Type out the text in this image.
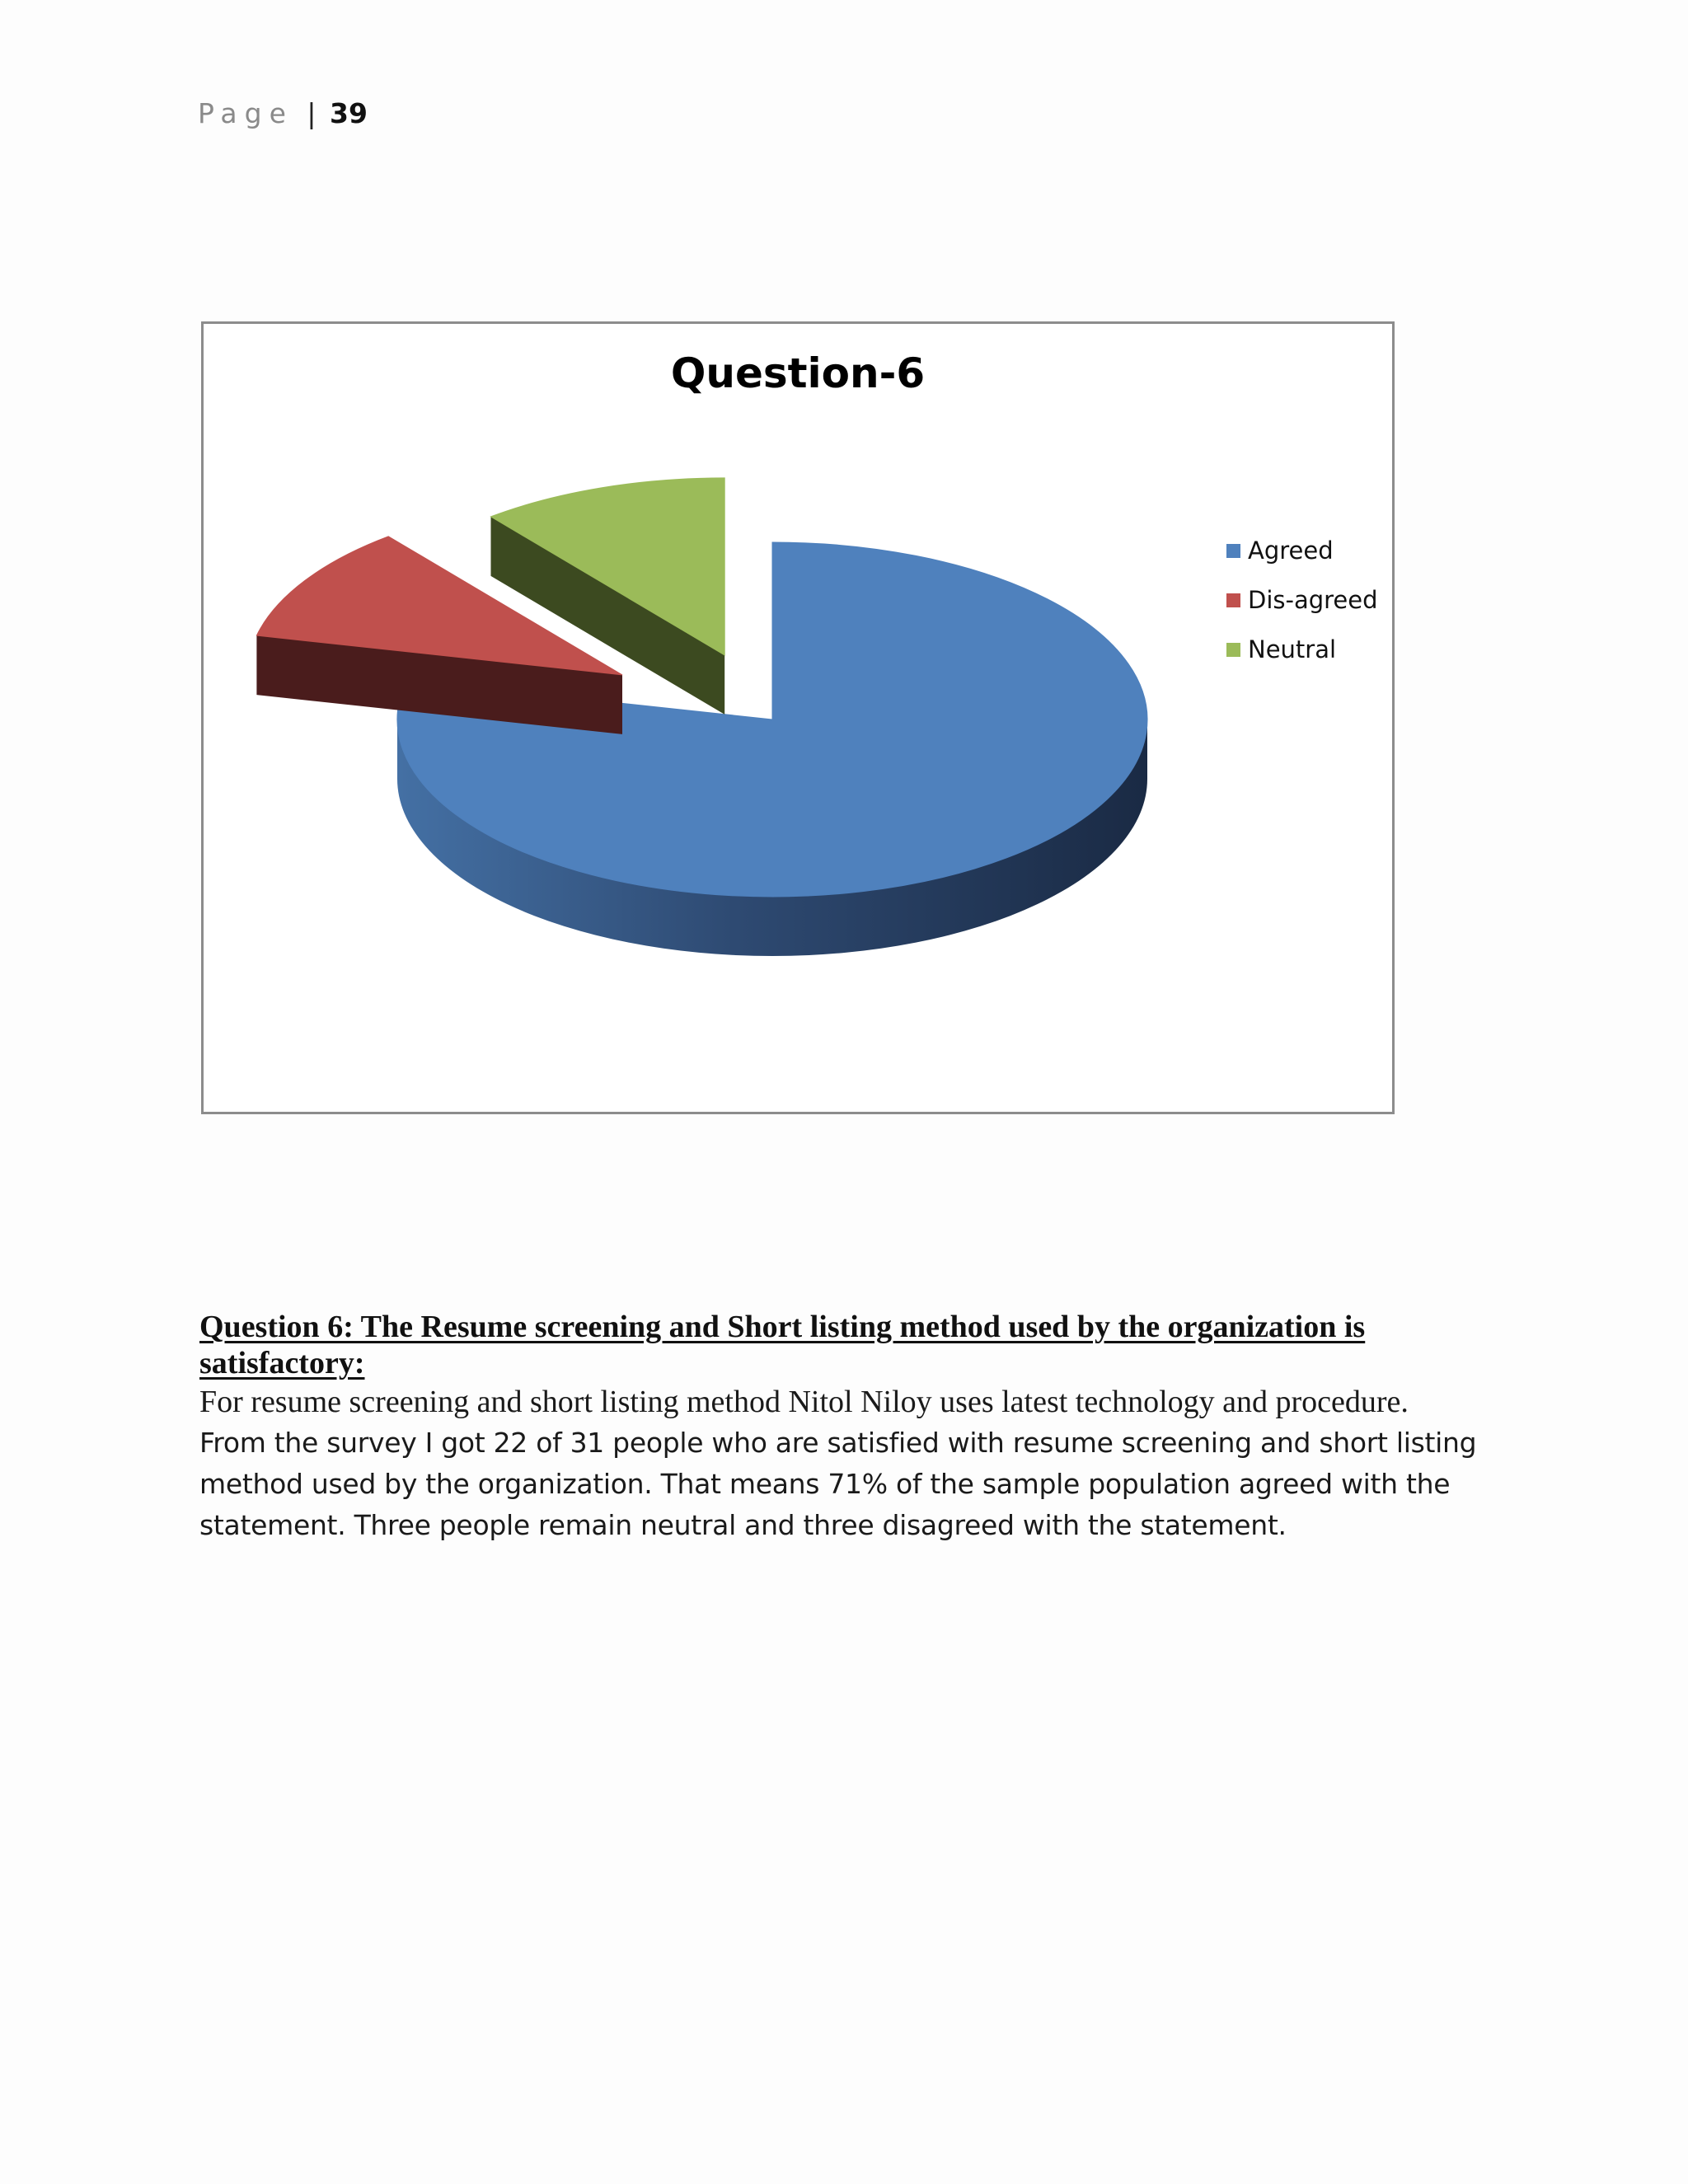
Page | 39
Question-6
Agreed
Dis-agreed
Neutral
Question 6: The Resume screening and Short listing method used by the organization is satisfactory:
For resume screening and short listing method Nitol Niloy uses latest technology and procedure.
From the survey I got 22 of 31 people who are satisfied with resume screening and short listing method used by the organization. That means 71% of the sample population agreed with the statement. Three people remain neutral and three disagreed with the statement.
